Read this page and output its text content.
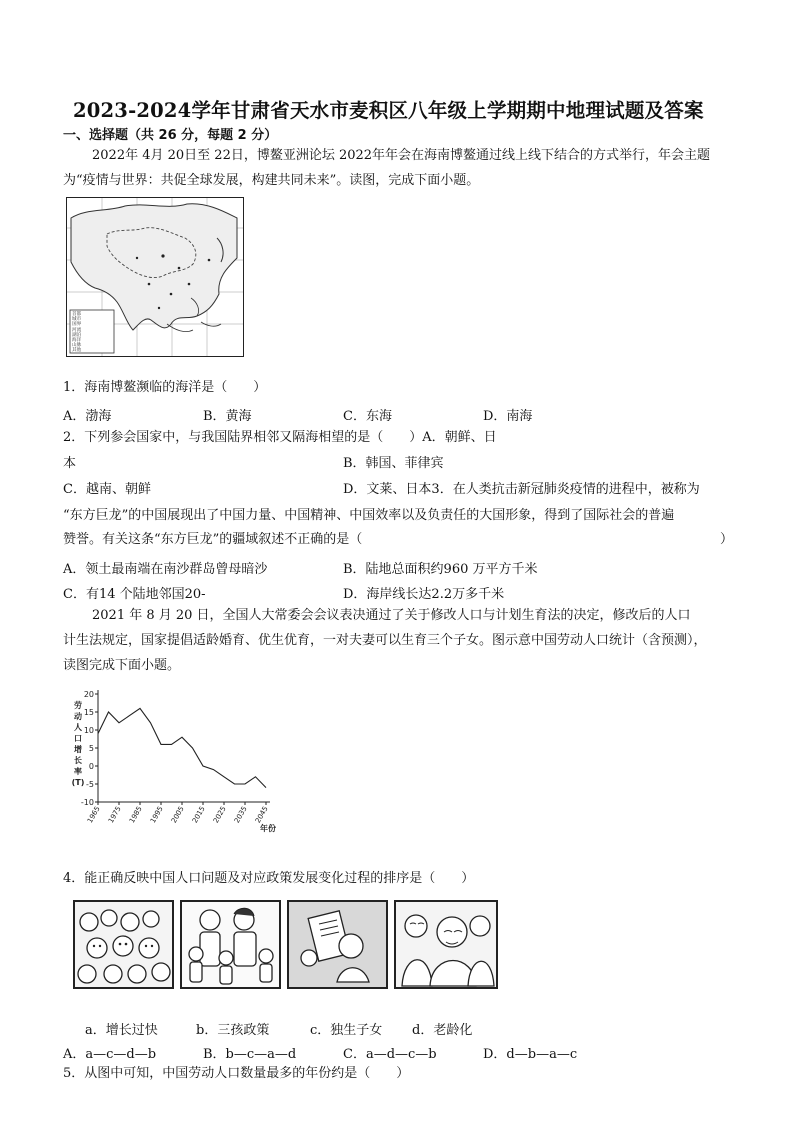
2023-2024学年甘肃省天水市麦积区八年级上学期期中地理试题及答案
一、选择题（共 26 分，每题 2 分）
2022年 4月 20日至 22日，博鳌亚洲论坛 2022年年会在海南博鳌通过线上线下结合的方式举行，年会主题
为“疫情与世界：共促全球发展，构建共同未来”。读图，完成下面小题。
首都
城市
国界
河流
湖泊
海洋
山脉
其他
1．海南博鳌濒临的海洋是（　　）
A．渤海	B．黄海	C．东海	D．南海
2．下列参会国家中，与我国陆界相邻又隔海相望的是（　　）A．朝鲜、日
本	B．韩国、菲律宾
C．越南、朝鲜	D．文莱、日本3．在人类抗击新冠肺炎疫情的进程中，被称为
“东方巨龙”的中国展现出了中国力量、中国精神、中国效率以及负责任的大国形象，得到了国际社会的普遍
赞誉。有关这条“东方巨龙”的疆域叙述不正确的是（	）
A．领土最南端在南沙群岛曾母暗沙	B．陆地总面积约960 万平方千米
C．有14 个陆地邻国20-	D．海岸线长达2.2万多千米
2021 年 8 月 20 日，全国人大常委会会议表决通过了关于修改人口与计划生育法的决定，修改后的人口
计生法规定，国家提倡适龄婚育、优生优育，一对夫妻可以生育三个子女。图示意中国劳动人口统计（含预测），
读图完成下面小题。
20
15
10
5
0
-5
-10
1965 1975 1985 1995 2005 2015 2025 2035 2045
劳
动
人
口
增
长
率
(T)
年份
4．能正确反映中国人口问题及对应政策发展变化过程的排序是（　　）
a．增长过快	b．三孩政策	c．独生子女 d．老龄化
A．a—c—d—b	B．b—c—a—d	C．a—d—c—b	D．d—b—a—c
5．从图中可知，中国劳动人口数量最多的年份约是（　　）
